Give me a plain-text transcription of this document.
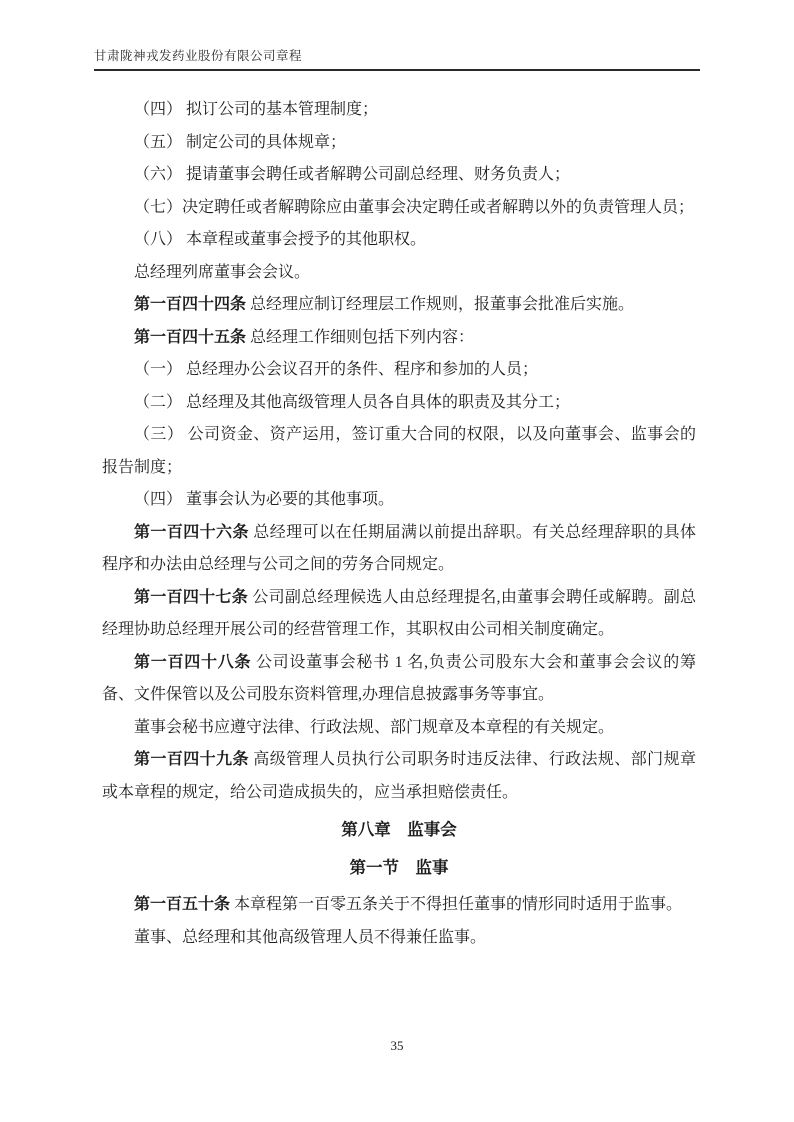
甘肃陇神戎发药业股份有限公司章程

（四） 拟订公司的基本管理制度；

（五） 制定公司的具体规章；

（六） 提请董事会聘任或者解聘公司副总经理、财务负责人；

（七）决定聘任或者解聘除应由董事会决定聘任或者解聘以外的负责管理人员；

（八） 本章程或董事会授予的其他职权。

总经理列席董事会会议。

第一百四十四条 总经理应制订经理层工作规则，报董事会批准后实施。

第一百四十五条 总经理工作细则包括下列内容：

（一） 总经理办公会议召开的条件、程序和参加的人员；

（二） 总经理及其他高级管理人员各自具体的职责及其分工；

（三） 公司资金、资产运用，签订重大合同的权限，以及向董事会、监事会的报告制度；

（四） 董事会认为必要的其他事项。

第一百四十六条 总经理可以在任期届满以前提出辞职。有关总经理辞职的具体程序和办法由总经理与公司之间的劳务合同规定。

第一百四十七条 公司副总经理候选人由总经理提名,由董事会聘任或解聘。副总经理协助总经理开展公司的经营管理工作，其职权由公司相关制度确定。

第一百四十八条 公司设董事会秘书 1 名,负责公司股东大会和董事会会议的筹备、文件保管以及公司股东资料管理,办理信息披露事务等事宜。

董事会秘书应遵守法律、行政法规、部门规章及本章程的有关规定。

第一百四十九条 高级管理人员执行公司职务时违反法律、行政法规、部门规章或本章程的规定，给公司造成损失的，应当承担赔偿责任。

第八章　监事会

第一节　监事

第一百五十条 本章程第一百零五条关于不得担任董事的情形同时适用于监事。

董事、总经理和其他高级管理人员不得兼任监事。

35
